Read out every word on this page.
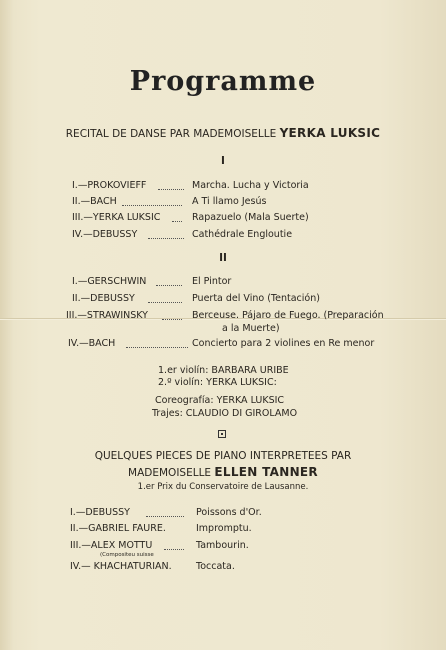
Programme
RECITAL DE DANSE PAR MADEMOISELLE YERKA LUKSIC
I
I.—PROKOVIEFF	Marcha. Lucha y Victoria
II.—BACH	A Ti llamo Jesús
III.—YERKA LUKSIC	Rapazuelo (Mala Suerte)
IV.—DEBUSSY	Cathédrale Engloutie
II
I.—GERSCHWIN	El Pintor
II.—DEBUSSY	Puerta del Vino (Tentación)
III.—STRAWINSKY	Berceuse. Pájaro de Fuego. (Preparación
a la Muerte)
IV.—BACH	Concierto para 2 violines en Re menor
1.er violín: BARBARA URIBE
2.º violín: YERKA LUKSIC:
Coreografía: YERKA LUKSIC
Trajes: CLAUDIO DI GIROLAMO
QUELQUES PIECES DE PIANO INTERPRETEES PAR
MADEMOISELLE ELLEN TANNER
1.er Prix du Conservatoire de Lausanne.
I.—DEBUSSY	Poissons d'Or.
II.—GABRIEL FAURE.	Impromptu.
III.—ALEX MOTTU	Tambourin.
(Compositeu suisse
IV.— KHACHATURIAN.	Toccata.
